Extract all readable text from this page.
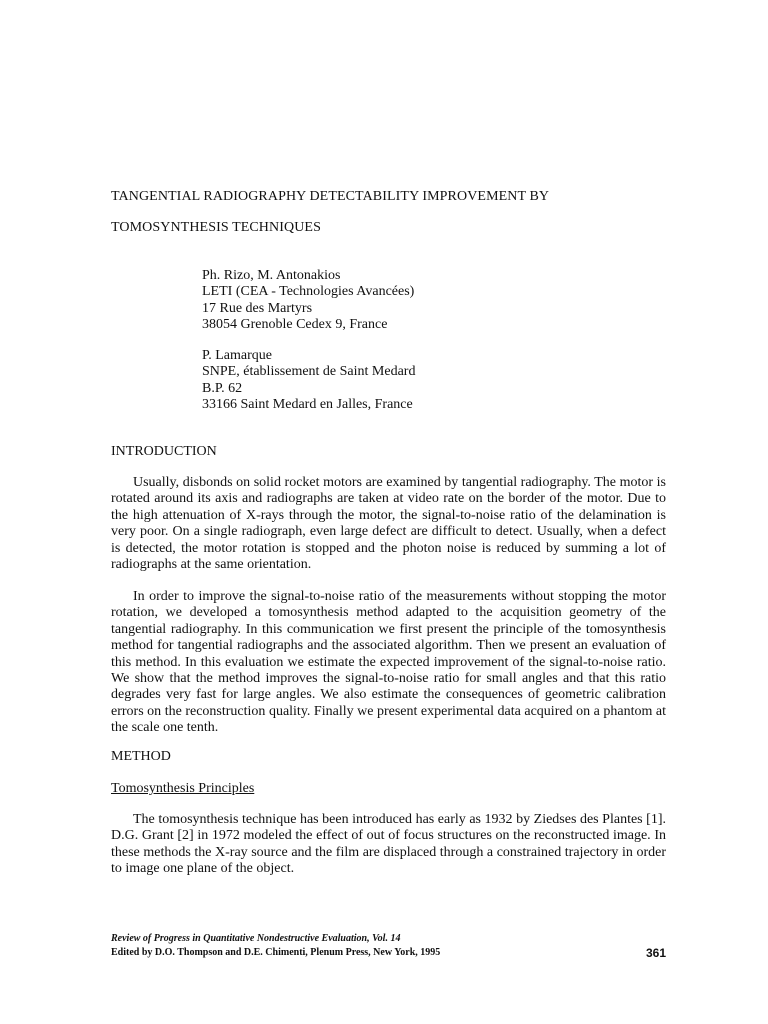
TANGENTIAL RADIOGRAPHY DETECTABILITY IMPROVEMENT BY
TOMOSYNTHESIS TECHNIQUES
Ph. Rizo, M. Antonakios
LETI (CEA - Technologies Avancées)
17 Rue des Martyrs
38054 Grenoble Cedex 9, France
P. Lamarque
SNPE, établissement de Saint Medard
B.P. 62
33166 Saint Medard en Jalles, France
INTRODUCTION

Usually, disbonds on solid rocket motors are examined by tangential radiography. The motor is rotated around its axis and radiographs are taken at video rate on the border of the motor. Due to the high attenuation of X-rays through the motor, the signal-to-noise ratio of the delamination is very poor. On a single radiograph, even large defect are difficult to detect. Usually, when a defect is detected, the motor rotation is stopped and the photon noise is reduced by summing a lot of radiographs at the same orientation.

In order to improve the signal-to-noise ratio of the measurements without stopping the motor rotation, we developed a tomosynthesis method adapted to the acquisition geometry of the tangential radiography. In this communication we first present the principle of the tomosynthesis method for tangential radiographs and the associated algorithm. Then we present an evaluation of this method. In this evaluation we estimate the expected improvement of the signal-to-noise ratio. We show that the method improves the signal-to-noise ratio for small angles and that this ratio degrades very fast for large angles. We also estimate the consequences of geometric calibration errors on the reconstruction quality. Finally we present experimental data acquired on a phantom at the scale one tenth.

METHOD
Tomosynthesis Principles

The tomosynthesis technique has been introduced has early as 1932 by Ziedses des Plantes [1]. D.G. Grant [2] in 1972 modeled the effect of out of focus structures on the reconstructed image. In these methods the X-ray source and the film are displaced through a constrained trajectory in order to image one plane of the object.

Review of Progress in Quantitative Nondestructive Evaluation, Vol. 14
Edited by D.O. Thompson and D.E. Chimenti, Plenum Press, New York, 1995	361
